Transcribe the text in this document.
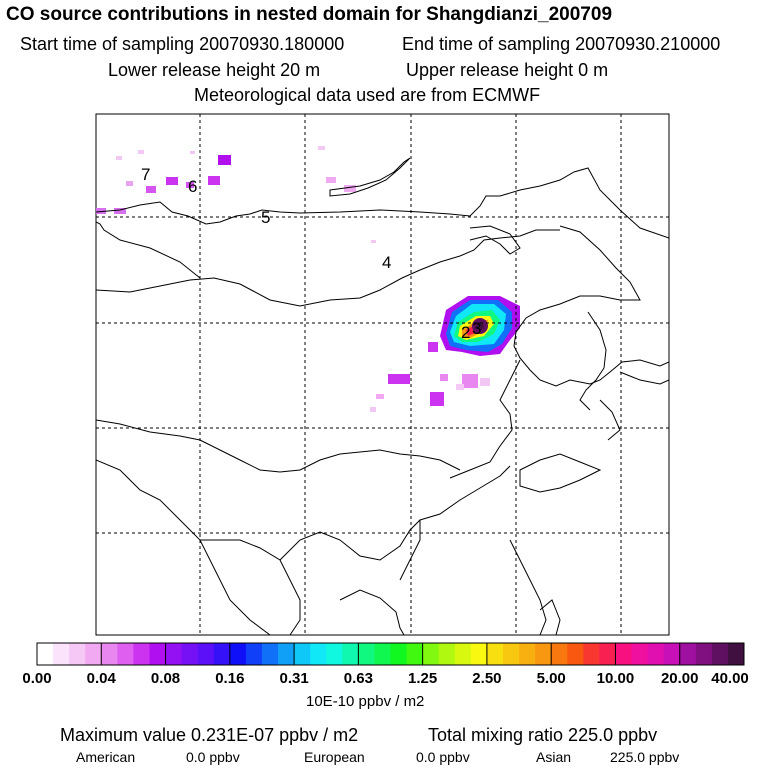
CO source contributions in nested domain for Shangdianzi_200709
Start time of sampling 20070930.180000	End time of sampling 20070930.210000
Lower release height 20 m	Upper release height 0 m
Meteorological data used are from ECMWF
7
6
5
4
3
2
0.00 0.04 0.08 0.16 0.31 0.63 1.25 2.50 5.00 10.00 20.00 40.00
10E-10 ppbv / m2
Maximum value 0.231E-07 ppbv / m2	Total mixing ratio 225.0 ppbv
American	0.0 ppbv	European	0.0 ppbv	Asian	225.0 ppbv
